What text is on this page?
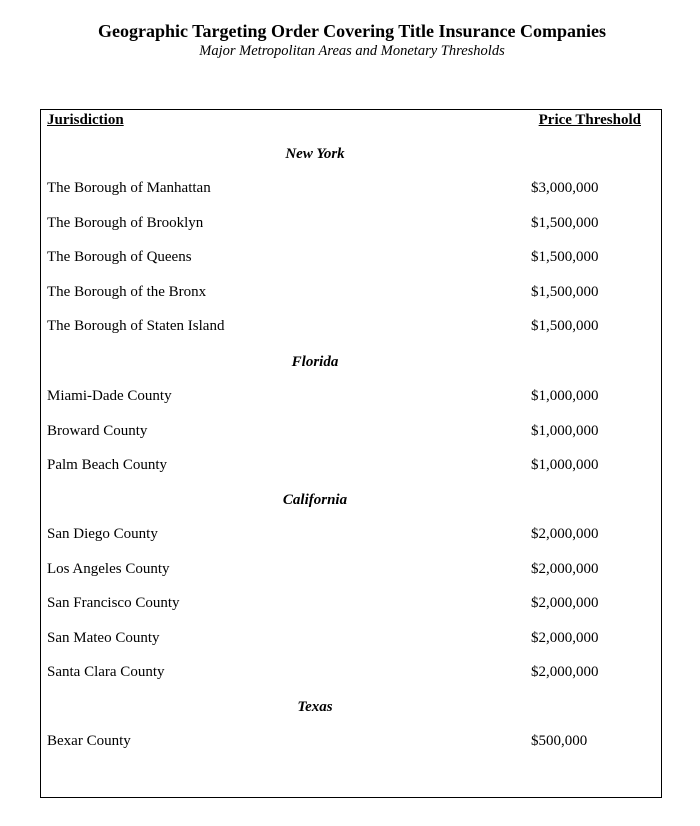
Geographic Targeting Order Covering Title Insurance Companies
Major Metropolitan Areas and Monetary Thresholds
Jurisdiction	Price Threshold
New York
The Borough of Manhattan	$3,000,000
The Borough of Brooklyn	$1,500,000
The Borough of Queens	$1,500,000
The Borough of the Bronx	$1,500,000
The Borough of Staten Island	$1,500,000
Florida
Miami-Dade County	$1,000,000
Broward County	$1,000,000
Palm Beach County	$1,000,000
California
San Diego County	$2,000,000
Los Angeles County	$2,000,000
San Francisco County	$2,000,000
San Mateo County	$2,000,000
Santa Clara County	$2,000,000
Texas
Bexar County	$500,000
